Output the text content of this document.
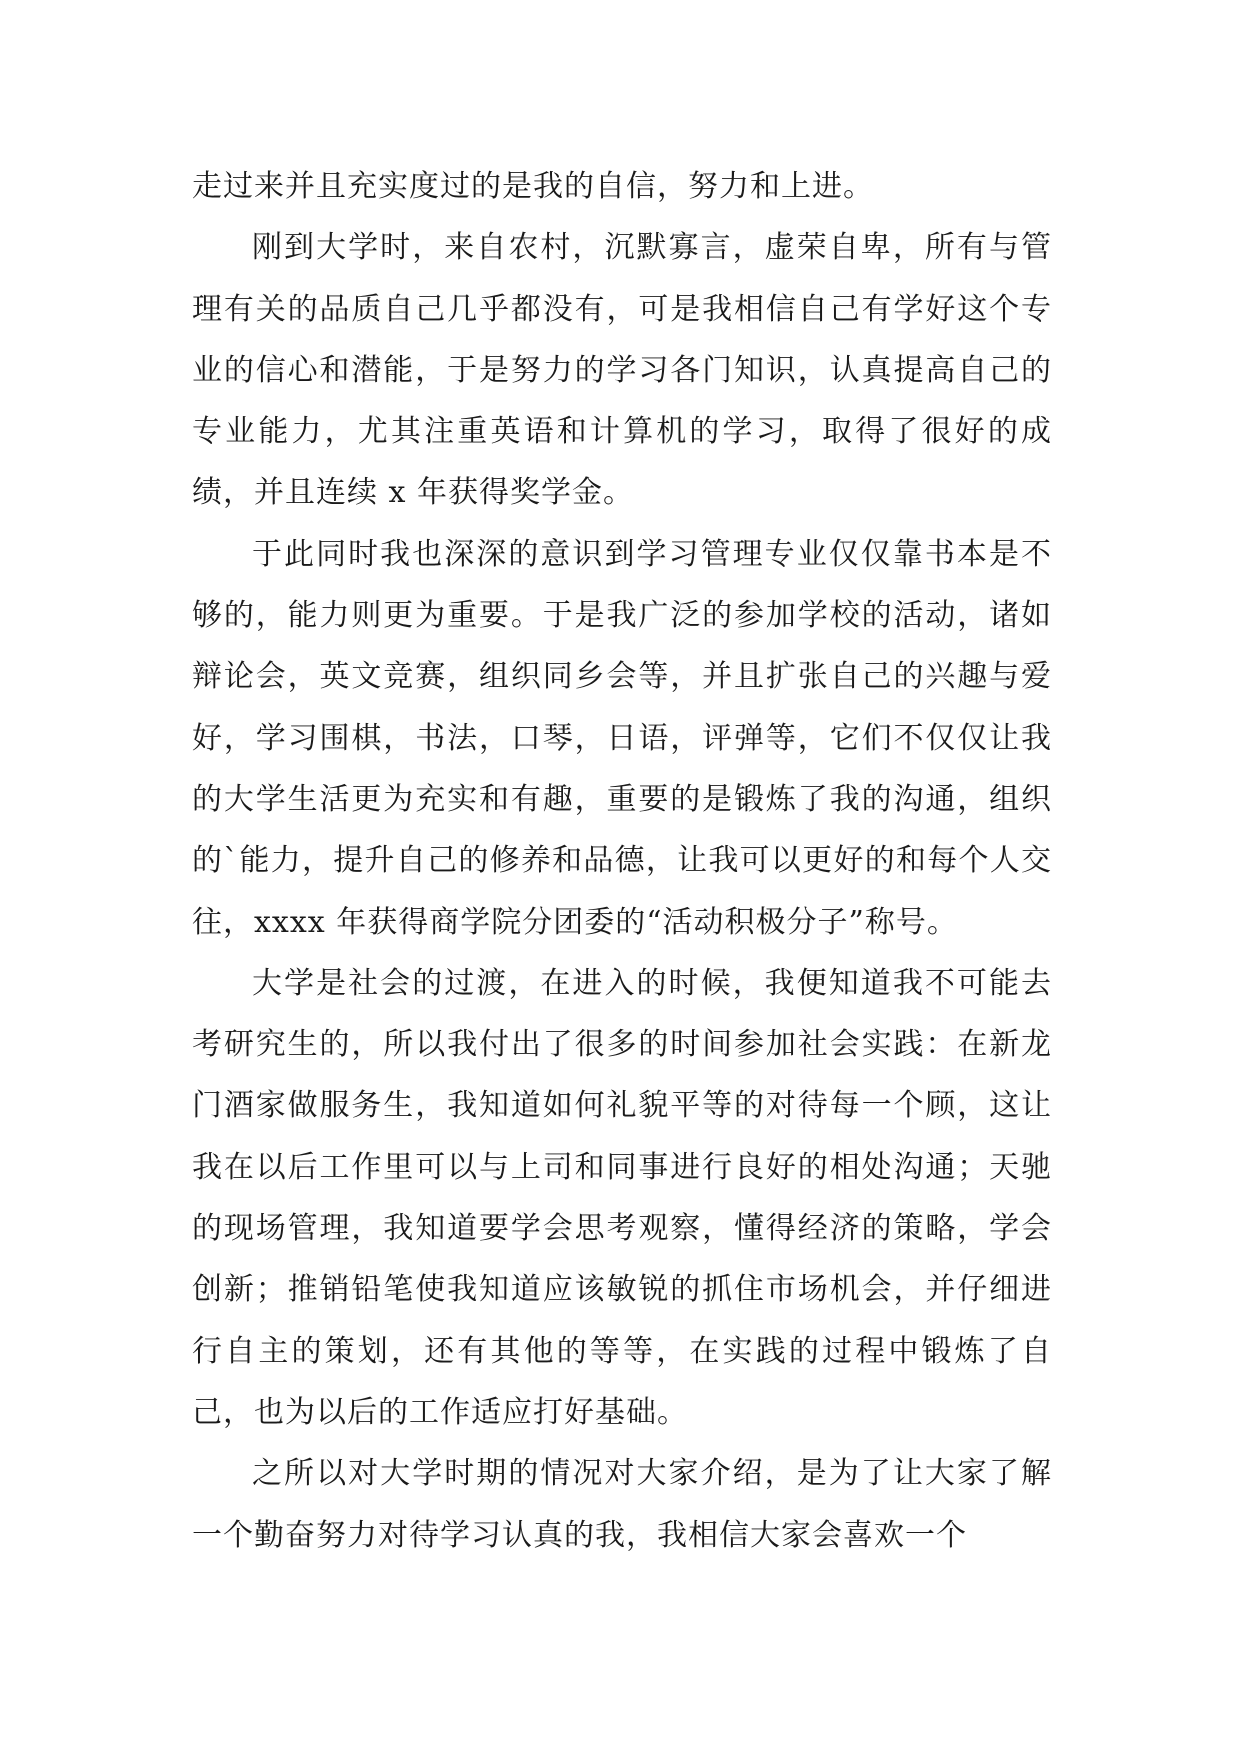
走过来并且充实度过的是我的自信，努力和上进。

刚到大学时，来自农村，沉默寡言，虚荣自卑，所有与管理有关的品质自己几乎都没有，可是我相信自己有学好这个专业的信心和潜能，于是努力的学习各门知识，认真提高自己的专业能力，尤其注重英语和计算机的学习，取得了很好的成绩，并且连续 x 年获得奖学金。

于此同时我也深深的意识到学习管理专业仅仅靠书本是不够的，能力则更为重要。于是我广泛的参加学校的活动，诸如辩论会，英文竞赛，组织同乡会等，并且扩张自己的兴趣与爱好，学习围棋，书法，口琴，日语，评弹等，它们不仅仅让我的大学生活更为充实和有趣，重要的是锻炼了我的沟通，组织的`能力，提升自己的修养和品德，让我可以更好的和每个人交往，xxxx 年获得商学院分团委的“活动积极分子”称号。

大学是社会的过渡，在进入的时候，我便知道我不可能去考研究生的，所以我付出了很多的时间参加社会实践：在新龙门酒家做服务生，我知道如何礼貌平等的对待每一个顾，这让我在以后工作里可以与上司和同事进行良好的相处沟通；天驰的现场管理，我知道要学会思考观察，懂得经济的策略，学会创新；推销铅笔使我知道应该敏锐的抓住市场机会，并仔细进行自主的策划，还有其他的等等，在实践的过程中锻炼了自己，也为以后的工作适应打好基础。

之所以对大学时期的情况对大家介绍，是为了让大家了解一个勤奋努力对待学习认真的我，我相信大家会喜欢一个
